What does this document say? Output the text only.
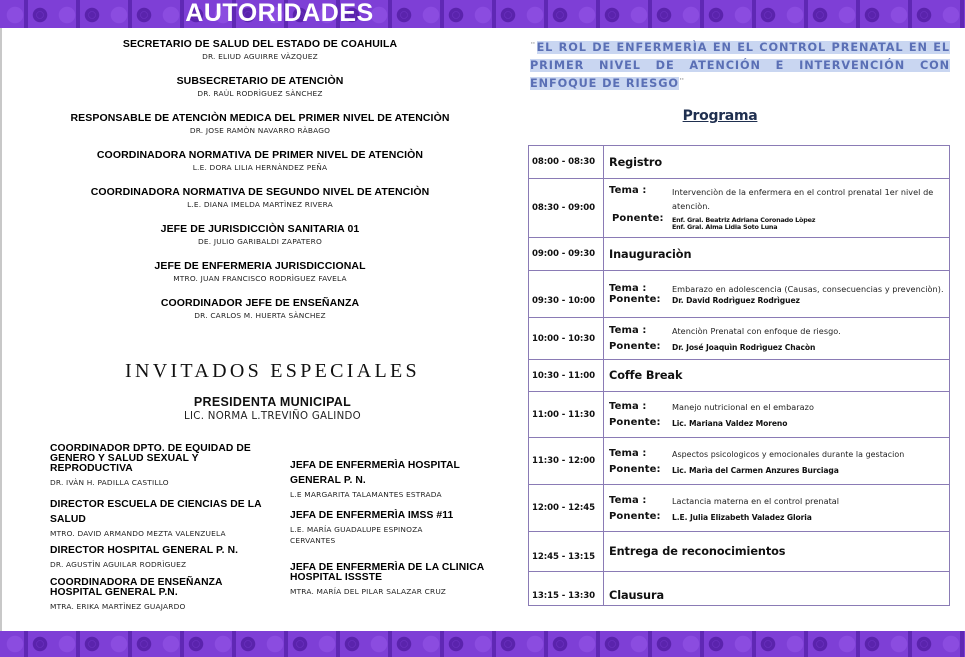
AUTORIDADES
SECRETARIO DE SALUD DEL ESTADO DE COAHUILA
DR. ELIUD AGUIRRE VÀZQUEZ
SUBSECRETARIO DE ATENCIÒN
DR. RAÙL RODRÌGUEZ SÀNCHEZ
RESPONSABLE DE ATENCIÒN MEDICA DEL PRIMER NIVEL DE ATENCIÒN
DR. JOSE RAMÒN NAVARRO RÀBAGO
COORDINADORA NORMATIVA DE PRIMER NIVEL DE ATENCIÒN
L.E. DORA LILIA HERNÀNDEZ PEÑA
COORDINADORA NORMATIVA DE SEGUNDO NIVEL DE ATENCIÒN
L.E. DIANA IMELDA MARTÌNEZ RIVERA
JEFE DE JURISDICCIÒN SANITARIA 01
DE. JULIO GARIBALDI ZAPATERO
JEFE DE ENFERMERIA JURISDICCIONAL
MTRO. JUAN FRANCISCO RODRÌGUEZ FAVELA
COORDINADOR JEFE DE ENSEÑANZA
DR. CARLOS M. HUERTA SÀNCHEZ
INVITADOS ESPECIALES
PRESIDENTA MUNICIPAL
LIC. NORMA L.TREVIÑO GALINDO
COORDINADOR DPTO. DE EQUIDAD DE GENERO Y SALUD SEXUAL Y REPRODUCTIVA
DR. IVÀN H. PADILLA CASTILLO
DIRECTOR ESCUELA DE CIENCIAS DE LA SALUD
MTRO. DAVID ARMANDO MEZTA VALENZUELA
DIRECTOR HOSPITAL GENERAL P. N.
DR. AGUSTÌN AGUILAR RODRÌGUEZ
COORDINADORA DE ENSEÑANZA HOSPITAL GENERAL P.N.
MTRA. ERIKA MARTÌNEZ GUAJARDO
JEFA DE ENFERMERÌA HOSPITAL GENERAL P. N.
L.E MARGARITA TALAMANTES ESTRADA
JEFA DE ENFERMERÌA IMSS #11
L.E. MARÍA GUADALUPE ESPINOZA CERVANTES
JEFA DE ENFERMERÌA DE LA CLINICA HOSPITAL ISSSTE
MTRA. MARÍA DEL PILAR SALAZAR CRUZ
¨EL ROL DE ENFERMERÌA EN EL CONTROL PRENATAL EN EL PRIMER NIVEL DE ATENCIÓN E INTERVENCIÓN CON ENFOQUE DE RIESGO¨
Programa
08:00 - 08:30	Registro
08:30 - 09:00
Tema :	Intervenciòn de la enfermera en el control prenatal 1er nivel de atenciòn.
Ponente:	Enf. Gral. Beatriz Adriana Coronado Lòpez
Enf. Gral. Alma Lidia Soto Luna
09:00 - 09:30	Inauguraciòn
09:30 - 10:00
Tema :	Embarazo en adolescencia (Causas, consecuencias y prevenciòn).
Ponente:	Dr. David Rodrìguez Rodrìguez
10:00 - 10:30
Tema :	Atenciòn Prenatal con enfoque de riesgo.
Ponente:	Dr. José Joaquìn Rodrìguez Chacòn
10:30 - 11:00	Coffe Break
11:00 - 11:30
Tema :	Manejo nutricional en el embarazo
Ponente:	Lic. Mariana Valdez Moreno
11:30 - 12:00
Tema :	Aspectos psicologicos y emocionales durante la gestacion
Ponente:	Lic. Marìa del Carmen Anzures Burciaga
12:00 - 12:45
Tema :	Lactancia materna en el control prenatal
Ponente:	L.E. Julia Elizabeth Valadez Gloria
12:45 - 13:15	Entrega de reconocimientos
13:15 - 13:30	Clausura
